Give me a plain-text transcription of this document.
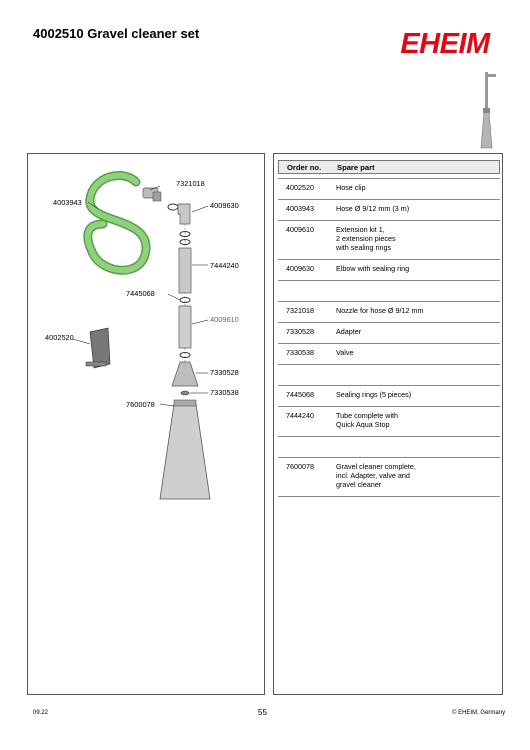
4002510 Gravel cleaner set	EHEIM
7321018
4003943	4009630
7444240
7445068
4009610
4002520
7330528
7330538
7600078
Order no. Spare part
4002520	Hose clip
4003943	Hose Ø 9/12 mm (3 m)
4009610	Extension kit 1,
2 extension pieces
with sealing rings
4009630	Elbow with sealing ring
7321018	Nozzle for hose Ø 9/12 mm
7330528	Adapter
7330538	Valve
7445068	Sealing rings (5 pieces)
7444240	Tube complete with
Quick Aqua Stop
7600078	Gravel cleaner complete,
incl. Adapter, valve and
gravel cleaner
09.22	55	© EHEIM, Germany
